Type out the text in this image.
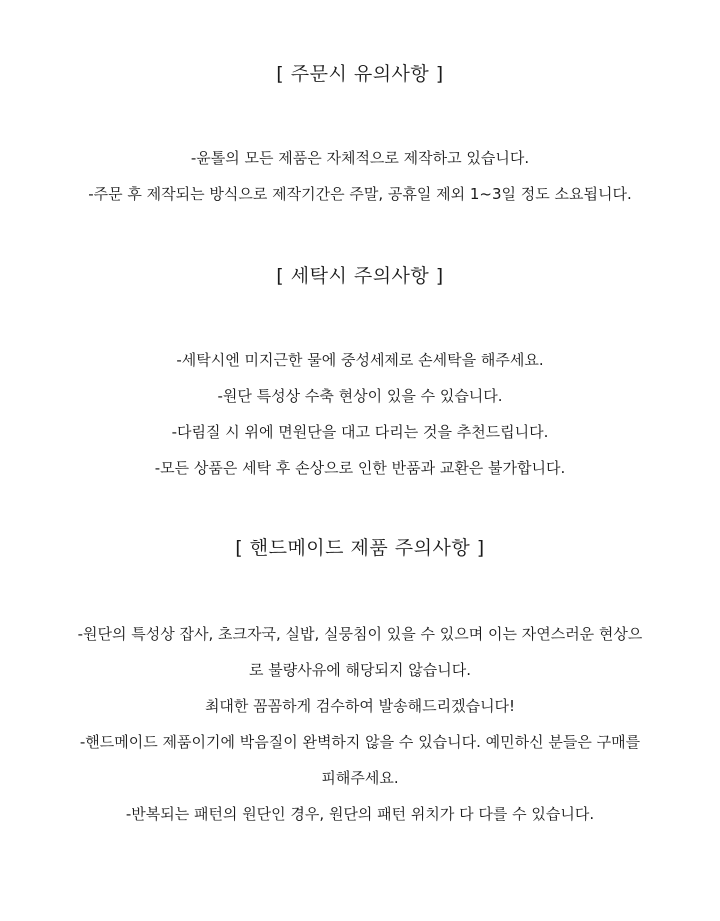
[ 주문시 유의사항 ]

-윤톨의 모든 제품은 자체적으로 제작하고 있습니다.

-주문 후 제작되는 방식으로 제작기간은 주말, 공휴일 제외 1~3일 정도 소요됩니다.

[ 세탁시 주의사항 ]

-세탁시엔 미지근한 물에 중성세제로 손세탁을 해주세요.

-원단 특성상 수축 현상이 있을 수 있습니다.

-다림질 시 위에 면원단을 대고 다리는 것을 추천드립니다.

-모든 상품은 세탁 후 손상으로 인한 반품과 교환은 불가합니다.

[ 핸드메이드 제품 주의사항 ]

-원단의 특성상 잡사, 초크자국, 실밥, 실뭉침이 있을 수 있으며 이는 자연스러운 현상으

로 불량사유에 해당되지 않습니다.

최대한 꼼꼼하게 검수하여 발송해드리겠습니다!

-핸드메이드 제품이기에 박음질이 완벽하지 않을 수 있습니다. 예민하신 분들은 구매를

피해주세요.

-반복되는 패턴의 원단인 경우, 원단의 패턴 위치가 다 다를 수 있습니다.
